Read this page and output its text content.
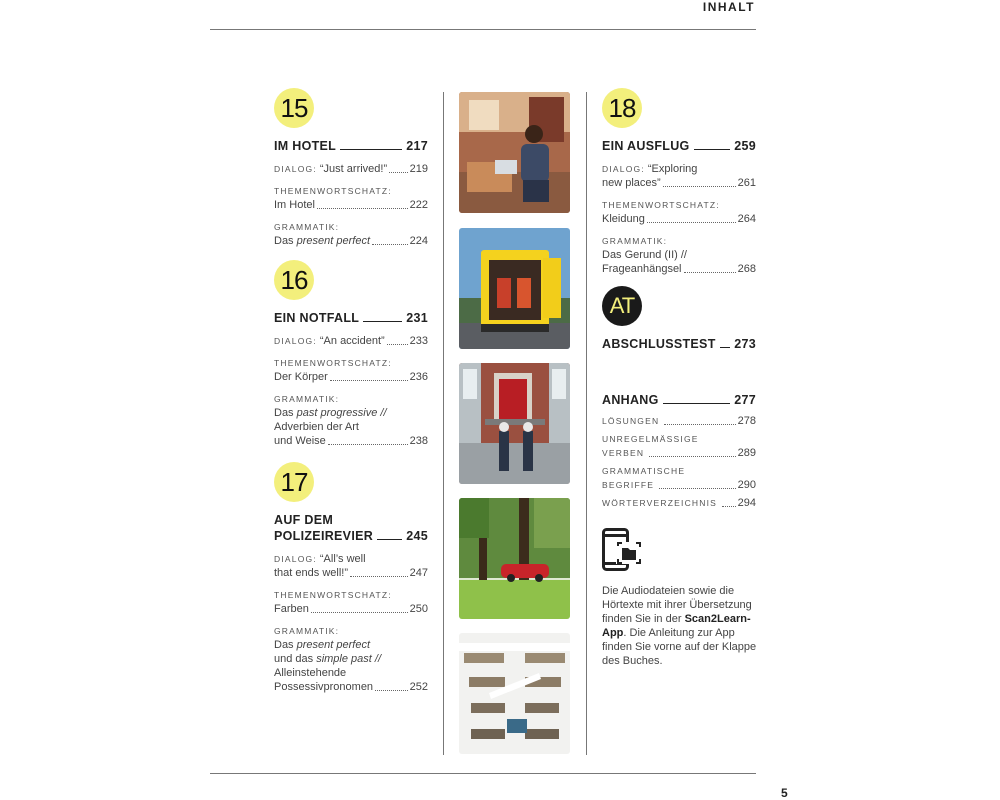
INHALT
5
15
IM HOTEL	217
DIALOG: “Just arrived!” 219
THEMENWORTSCHATZ:
Im Hotel	222
GRAMMATIK:
Das present perfect	224
16
EIN NOTFALL	231
DIALOG: “An accident” 233
THEMENWORTSCHATZ:
Der Körper	236
GRAMMATIK:
Das past progressive //
Adverbien der Art
und Weise	238
17
AUF DEM
POLIZEIREVIER	245
DIALOG: “All’s well
that ends well!”	247
THEMENWORTSCHATZ:
Farben	250
GRAMMATIK:
Das present perfect
und das simple past //
Alleinstehende
Possessivpronomen	252
18
EIN AUSFLUG	259
DIALOG: “Exploring
new places”	261
THEMENWORTSCHATZ:
Kleidung	264
GRAMMATIK:
Das Gerund (II) //
Frageanhängsel	268
AT
ABSCHLUSSTEST 273
ANHANG	277
LÖSUNGEN	278
UNREGELMÄSSIGE
VERBEN	289
GRAMMATISCHE
BEGRIFFE	290
WÖRTERVERZEICHNIS 294
Die Audiodateien sowie die Hörtexte mit ihrer Übersetzung finden Sie in der Scan2Learn-App. Die Anleitung zur App finden Sie vorne auf der Klappe des Buches.
